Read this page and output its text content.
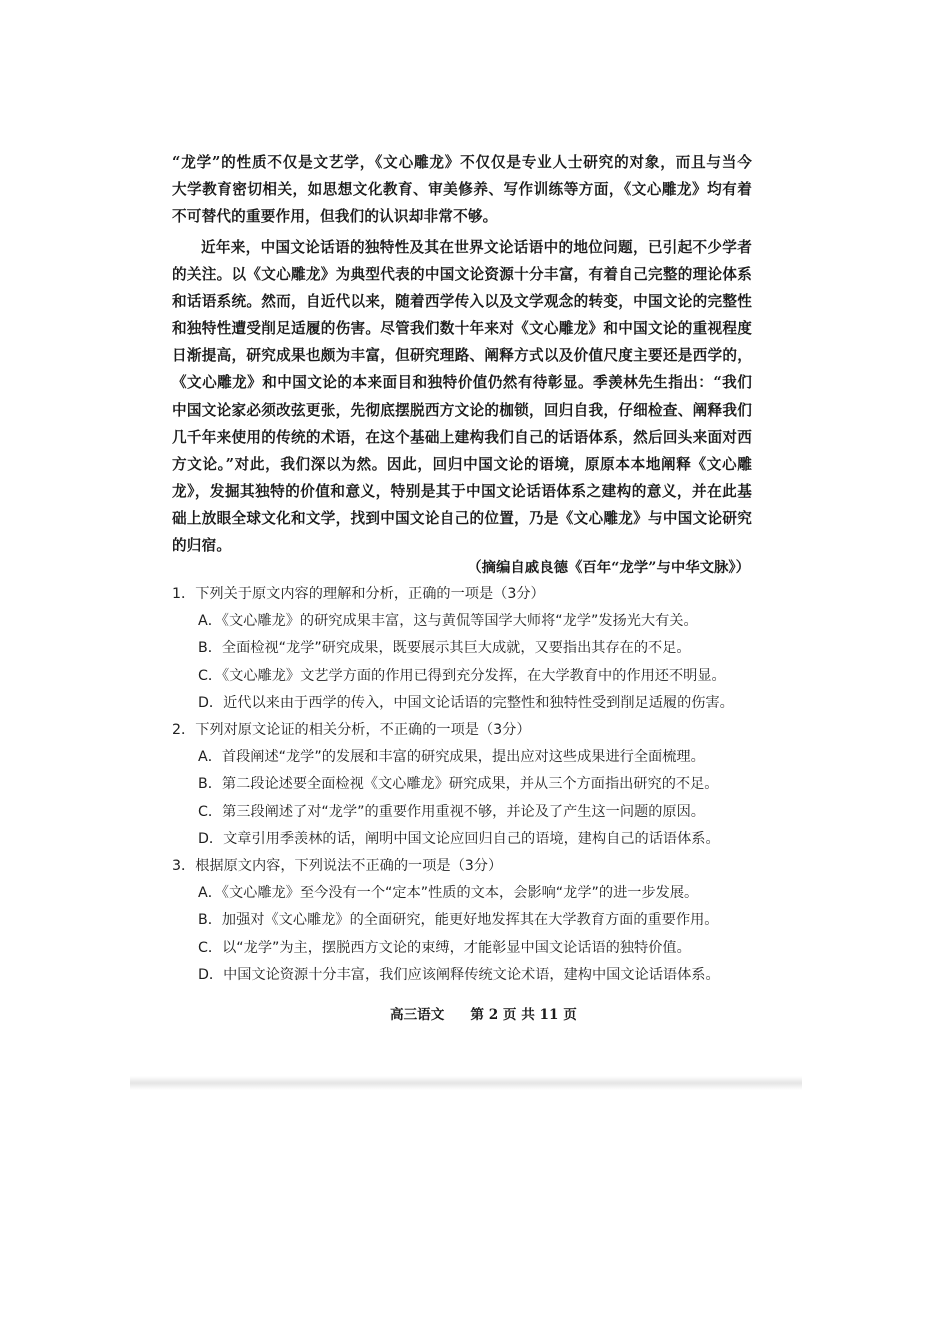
“龙学”的性质不仅是文艺学，《文心雕龙》不仅仅是专业人士研究的对象，而且与当今
大学教育密切相关，如思想文化教育、审美修养、写作训练等方面，《文心雕龙》均有着
不可替代的重要作用，但我们的认识却非常不够。
近年来，中国文论话语的独特性及其在世界文论话语中的地位问题，已引起不少学者
的关注。以《文心雕龙》为典型代表的中国文论资源十分丰富，有着自己完整的理论体系
和话语系统。然而，自近代以来，随着西学传入以及文学观念的转变，中国文论的完整性
和独特性遭受削足适履的伤害。尽管我们数十年来对《文心雕龙》和中国文论的重视程度
日渐提高，研究成果也颇为丰富，但研究理路、阐释方式以及价值尺度主要还是西学的，
《文心雕龙》和中国文论的本来面目和独特价值仍然有待彰显。季羡林先生指出：“我们
中国文论家必须改弦更张，先彻底摆脱西方文论的枷锁，回归自我，仔细检查、阐释我们
几千年来使用的传统的术语，在这个基础上建构我们自己的话语体系，然后回头来面对西
方文论。”对此，我们深以为然。因此，回归中国文论的语境，原原本本地阐释《文心雕
龙》，发掘其独特的价值和意义，特别是其于中国文论话语体系之建构的意义，并在此基
础上放眼全球文化和文学，找到中国文论自己的位置，乃是《文心雕龙》与中国文论研究
的归宿。
（摘编自戚良德《百年“龙学”与中华文脉》）
1．下列关于原文内容的理解和分析，正确的一项是（3分）
A．《文心雕龙》的研究成果丰富，这与黄侃等国学大师将“龙学”发扬光大有关。
B．全面检视“龙学”研究成果，既要展示其巨大成就，又要指出其存在的不足。
C．《文心雕龙》文艺学方面的作用已得到充分发挥，在大学教育中的作用还不明显。
D．近代以来由于西学的传入，中国文论话语的完整性和独特性受到削足适履的伤害。
2．下列对原文论证的相关分析，不正确的一项是（3分）
A．首段阐述“龙学”的发展和丰富的研究成果，提出应对这些成果进行全面梳理。
B．第二段论述要全面检视《文心雕龙》研究成果，并从三个方面指出研究的不足。
C．第三段阐述了对“龙学”的重要作用重视不够，并论及了产生这一问题的原因。
D．文章引用季羡林的话，阐明中国文论应回归自己的语境，建构自己的话语体系。
3．根据原文内容，下列说法不正确的一项是（3分）
A．《文心雕龙》至今没有一个“定本”性质的文本，会影响“龙学”的进一步发展。
B．加强对《文心雕龙》的全面研究，能更好地发挥其在大学教育方面的重要作用。
C．以“龙学”为主，摆脱西方文论的束缚，才能彰显中国文论话语的独特价值。
D．中国文论资源十分丰富，我们应该阐释传统文论术语，建构中国文论话语体系。
高三语文 第 2 页 共 11 页
